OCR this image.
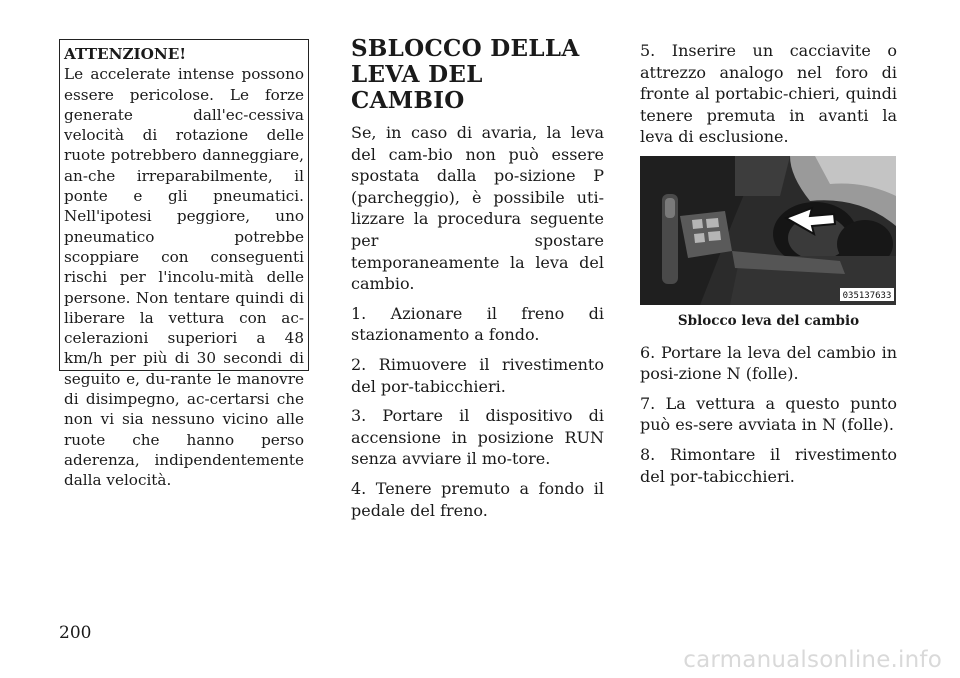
ATTENZIONE!
Le accelerate intense possono essere pericolose. Le forze generate dall'ec-cessiva velocità di rotazione delle ruote potrebbero danneggiare, an-che irreparabilmente, il ponte e gli pneumatici. Nell'ipotesi peggiore, uno pneumatico potrebbe scoppiare con conseguenti rischi per l'incolu-mità delle persone. Non tentare quindi di liberare la vettura con ac-celerazioni superiori a 48 km/h per più di 30 secondi di seguito e, du-rante le manovre di disimpegno, ac-certarsi che non vi sia nessuno vicino alle ruote che hanno perso aderenza, indipendentemente dalla velocità.
SBLOCCO DELLA LEVA DEL CAMBIO

Se, in caso di avaria, la leva del cam-bio non può essere spostata dalla po-sizione P (parcheggio), è possibile uti-lizzare la procedura seguente per spostare temporaneamente la leva del cambio.

1. Azionare il freno di stazionamento a fondo.

2. Rimuovere il rivestimento del por-tabicchieri.

3. Portare il dispositivo di accensione in posizione RUN senza avviare il mo-tore.

4. Tenere premuto a fondo il pedale del freno.

5. Inserire un cacciavite o attrezzo analogo nel foro di fronte al portabic-chieri, quindi tenere premuta in avanti la leva di esclusione.

035137633
Sblocco leva del cambio

6. Portare la leva del cambio in posi-zione N (folle).

7. La vettura a questo punto può es-sere avviata in N (folle).

8. Rimontare il rivestimento del por-tabicchieri.

200
carmanualsonline.info
